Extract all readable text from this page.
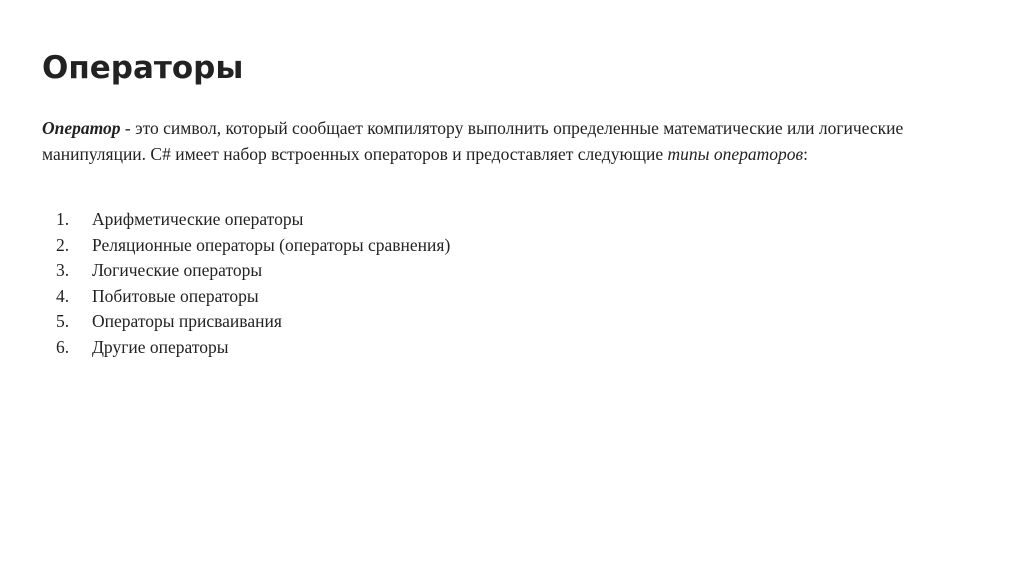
Операторы

Оператор - это символ, который сообщает компилятору выполнить определенные математические или логические манипуляции. C# имеет набор встроенных операторов и предоставляет следующие типы операторов:

1.	Арифметические операторы
2.	Реляционные операторы (операторы сравнения)
3.	Логические операторы
4.	Побитовые операторы
5.	Операторы присваивания
6.	Другие операторы
